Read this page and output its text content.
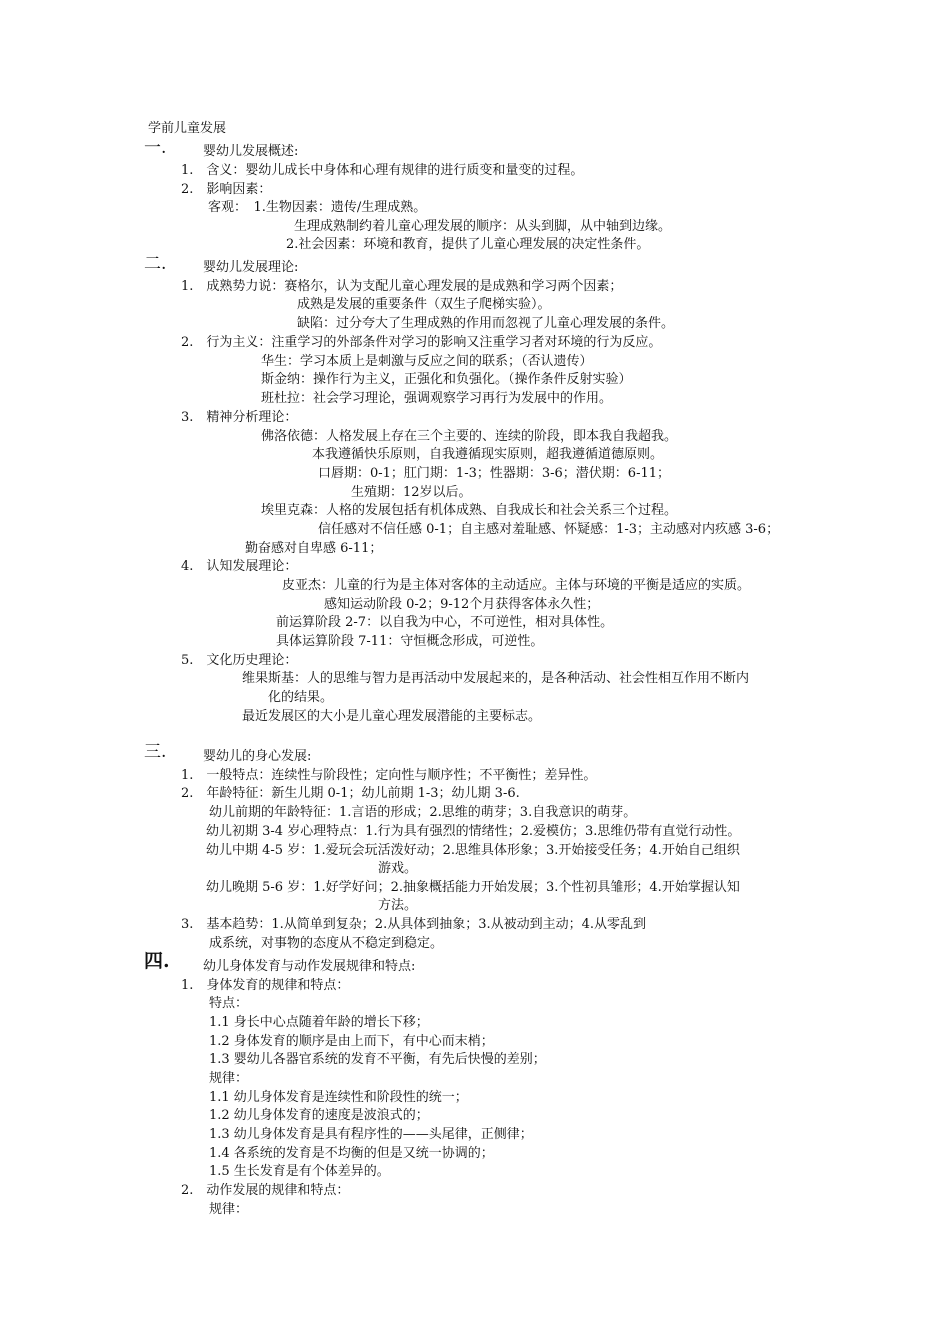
学前儿童发展
一.	婴幼儿发展概述:
1.　含义：婴幼儿成长中身体和心理有规律的进行质变和量变的过程。
2.　影响因素：
客观：　1.生物因素：遗传/生理成熟。
生理成熟制约着儿童心理发展的顺序：从头到脚，从中轴到边缘。
2.社会因素：环境和教育，提供了儿童心理发展的决定性条件。
二.	婴幼儿发展理论:
1.　成熟势力说：赛格尔，认为支配儿童心理发展的是成熟和学习两个因素；
成熟是发展的重要条件（双生子爬梯实验）。
缺陷：过分夸大了生理成熟的作用而忽视了儿童心理发展的条件。
2.　行为主义：注重学习的外部条件对学习的影响又注重学习者对环境的行为反应。
华生：学习本质上是刺激与反应之间的联系；（否认遗传）
斯金纳：操作行为主义，正强化和负强化。（操作条件反射实验）
班杜拉：社会学习理论，强调观察学习再行为发展中的作用。
3.　精神分析理论：
佛洛依德：人格发展上存在三个主要的、连续的阶段，即本我自我超我。
本我遵循快乐原则，自我遵循现实原则，超我遵循道德原则。
口唇期：0-1；肛门期：1-3；性器期：3-6；潜伏期：6-11；
生殖期：12岁以后。
埃里克森：人格的发展包括有机体成熟、自我成长和社会关系三个过程。
信任感对不信任感 0-1；自主感对羞耻感、怀疑感：1-3；主动感对内疚感 3-6；
勤奋感对自卑感 6-11；
4.　认知发展理论：
皮亚杰：儿童的行为是主体对客体的主动适应。主体与环境的平衡是适应的实质。
感知运动阶段 0-2；9-12个月获得客体永久性；
前运算阶段 2-7：以自我为中心，不可逆性，相对具体性。
具体运算阶段 7-11：守恒概念形成，可逆性。
5.　文化历史理论：
维果斯基：人的思维与智力是再活动中发展起来的，是各种活动、社会性相互作用不断内
化的结果。
最近发展区的大小是儿童心理发展潜能的主要标志。
三.	婴幼儿的身心发展:
1.　一般特点：连续性与阶段性；定向性与顺序性；不平衡性；差异性。
2.　年龄特征：新生儿期 0-1；幼儿前期 1-3；幼儿期 3-6.
幼儿前期的年龄特征：1.言语的形成；2.思维的萌芽；3.自我意识的萌芽。
幼儿初期 3-4 岁心理特点：1.行为具有强烈的情绪性；2.爱模仿；3.思维仍带有直觉行动性。
幼儿中期 4-5 岁：1.爱玩会玩活泼好动；2.思维具体形象；3.开始接受任务；4.开始自己组织
游戏。
幼儿晚期 5-6 岁：1.好学好问；2.抽象概括能力开始发展；3.个性初具雏形；4.开始掌握认知
方法。
3.　基本趋势：1.从简单到复杂；2.从具体到抽象；3.从被动到主动；4.从零乱到
成系统，对事物的态度从不稳定到稳定。
四.	幼儿身体发育与动作发展规律和特点:
1.　身体发育的规律和特点：
特点：
1.1 身长中心点随着年龄的增长下移；
1.2 身体发育的顺序是由上而下，有中心而末梢；
1.3 婴幼儿各器官系统的发育不平衡，有先后快慢的差别；
规律：
1.1 幼儿身体发育是连续性和阶段性的统一；
1.2 幼儿身体发育的速度是波浪式的；
1.3 幼儿身体发育是具有程序性的——头尾律，正侧律；
1.4 各系统的发育是不均衡的但是又统一协调的；
1.5 生长发育是有个体差异的。
2.　动作发展的规律和特点：
规律：
